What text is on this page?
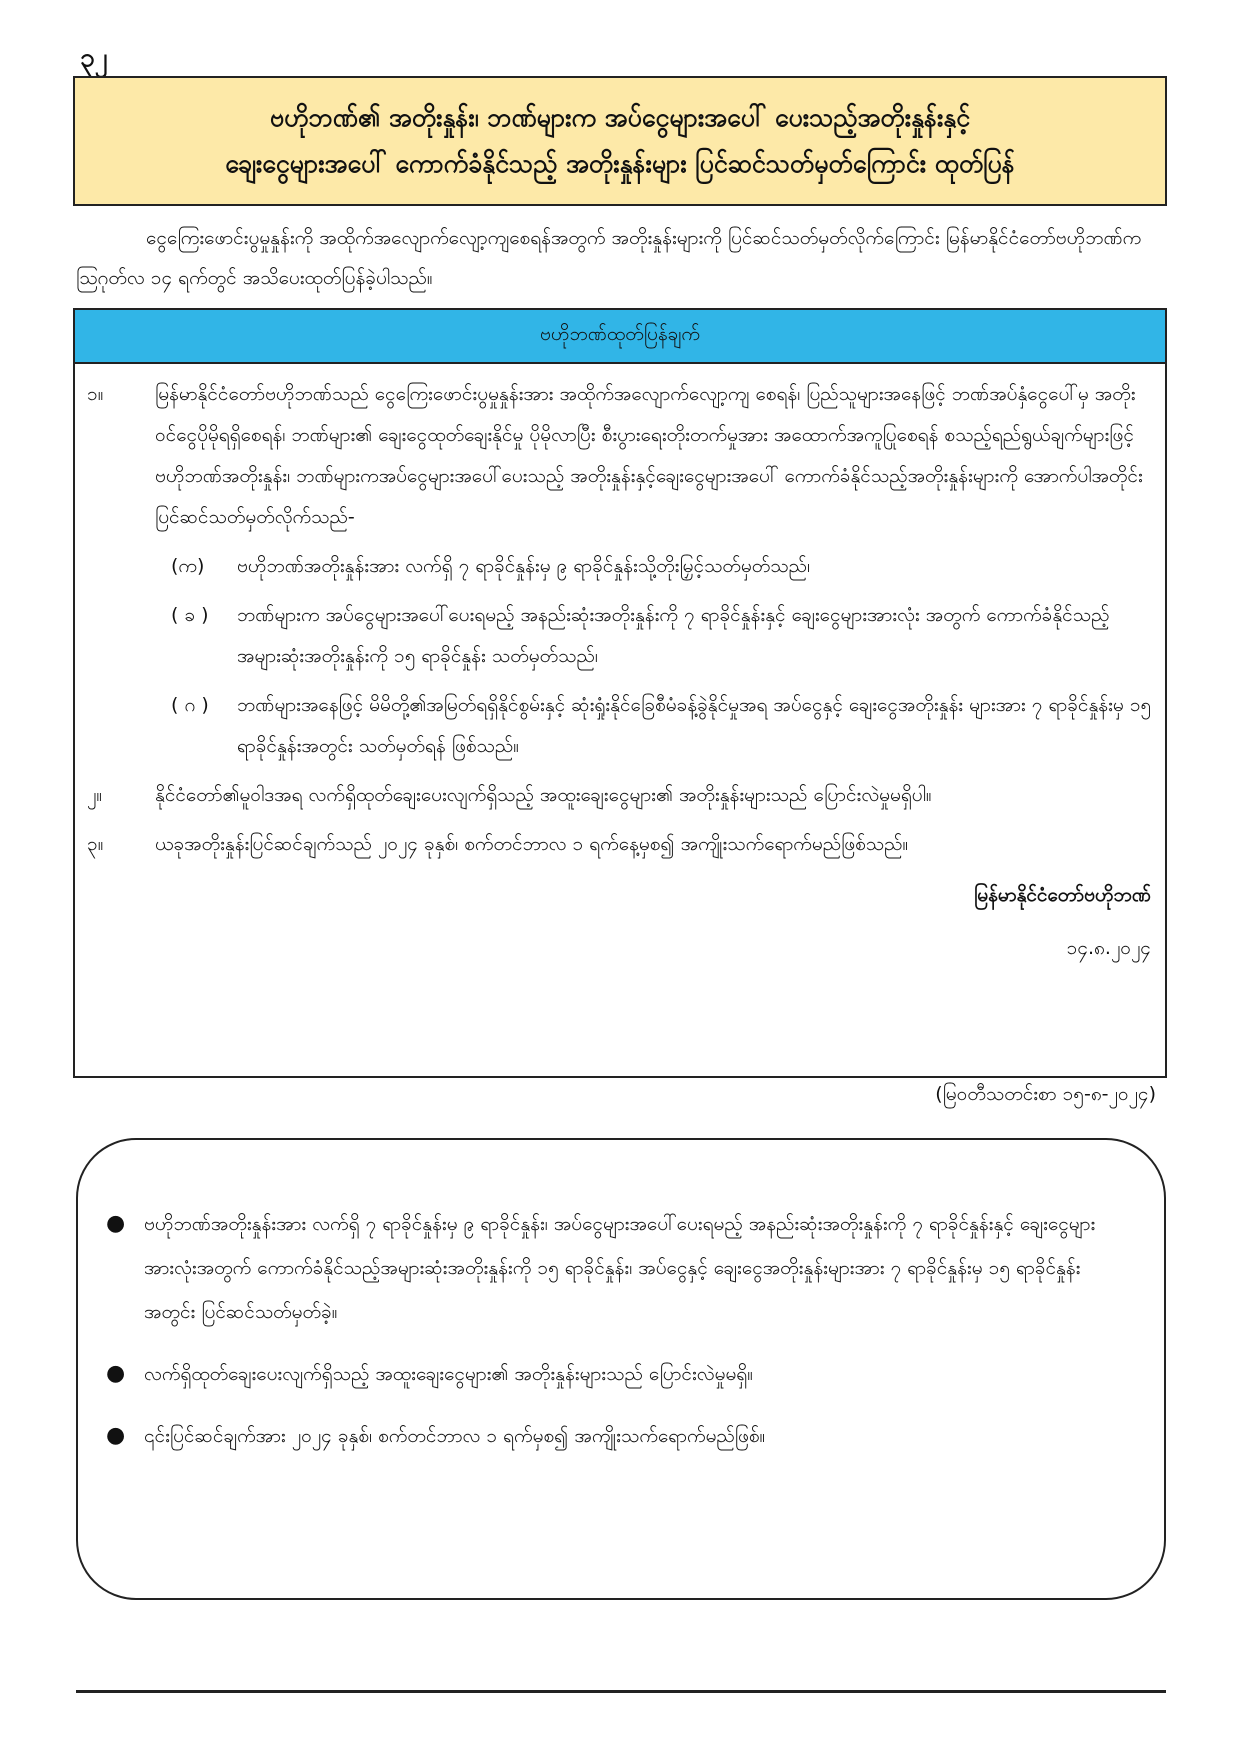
၃၂
ဗဟိုဘဏ်၏ အတိုးနှုန်း၊ ဘဏ်များက အပ်ငွေများအပေါ် ပေးသည့်အတိုးနှုန်းနှင့်
ချေးငွေများအပေါ် ကောက်ခံနိုင်သည့် အတိုးနှုန်းများ ပြင်ဆင်သတ်မှတ်ကြောင်း ထုတ်ပြန်
ငွေကြေးဖောင်းပွမှုနှုန်းကို အထိုက်အလျောက်လျော့ကျစေရန်အတွက် အတိုးနှုန်းများကို ပြင်ဆင်သတ်မှတ်လိုက်ကြောင်း မြန်မာနိုင်ငံတော်ဗဟိုဘဏ်က ဩဂုတ်လ ၁၄ ရက်တွင် အသိပေးထုတ်ပြန်ခဲ့ပါသည်။
ဗဟိုဘဏ်ထုတ်ပြန်ချက်
၁။	မြန်မာနိုင်ငံတော်ဗဟိုဘဏ်သည် ငွေကြေးဖောင်းပွမှုနှုန်းအား အထိုက်အလျောက်လျော့ကျ စေရန်၊ ပြည်သူများအနေဖြင့် ဘဏ်အပ်နှံငွေပေါ်မှ အတိုးဝင်ငွေပိုမိုရရှိစေရန်၊ ဘဏ်များ၏ ချေးငွေထုတ်ချေးနိုင်မှု ပိုမိုလာပြီး စီးပွားရေးတိုးတက်မှုအား အထောက်အကူပြုစေရန် စသည့်ရည်ရွယ်ချက်များဖြင့် ဗဟိုဘဏ်အတိုးနှုန်း၊ ဘဏ်များကအပ်ငွေများအပေါ်ပေးသည့် အတိုးနှုန်းနှင့်ချေးငွေများအပေါ် ကောက်ခံနိုင်သည့်အတိုးနှုန်းများကို အောက်ပါအတိုင်း ပြင်ဆင်သတ်မှတ်လိုက်သည်-
(က)	ဗဟိုဘဏ်အတိုးနှုန်းအား လက်ရှိ ၇ ရာခိုင်နှုန်းမှ ၉ ရာခိုင်နှုန်းသို့တိုးမြှင့်သတ်မှတ်သည်၊
( ခ )	ဘဏ်များက အပ်ငွေများအပေါ်ပေးရမည့် အနည်းဆုံးအတိုးနှုန်းကို ၇ ရာခိုင်နှုန်းနှင့် ချေးငွေများအားလုံး အတွက် ကောက်ခံနိုင်သည့်အများဆုံးအတိုးနှုန်းကို ၁၅ ရာခိုင်နှုန်း သတ်မှတ်သည်၊
( ဂ )	ဘဏ်များအနေဖြင့် မိမိတို့၏အမြတ်ရရှိနိုင်စွမ်းနှင့် ဆုံးရှုံးနိုင်ခြေစီမံခန့်ခွဲနိုင်မှုအရ အပ်ငွေနှင့် ချေးငွေအတိုးနှုန်း များအား ၇ ရာခိုင်နှုန်းမှ ၁၅ ရာခိုင်နှုန်းအတွင်း သတ်မှတ်ရန် ဖြစ်သည်။
၂။	နိုင်ငံတော်၏မူဝါဒအရ လက်ရှိထုတ်ချေးပေးလျက်ရှိသည့် အထူးချေးငွေများ၏ အတိုးနှုန်းများသည် ပြောင်းလဲမှုမရှိပါ။
၃။	ယခုအတိုးနှုန်းပြင်ဆင်ချက်သည် ၂၀၂၄ ခုနှစ်၊ စက်တင်ဘာလ ၁ ရက်နေ့မှစ၍ အကျိုးသက်ရောက်မည်ဖြစ်သည်။
မြန်မာနိုင်ငံတော်ဗဟိုဘဏ်
၁၄.၈.၂၀၂၄
(မြဝတီသတင်းစာ ၁၅-၈-၂၀၂၄)
● ဗဟိုဘဏ်အတိုးနှုန်းအား လက်ရှိ ၇ ရာခိုင်နှုန်းမှ ၉ ရာခိုင်နှုန်း၊ အပ်ငွေများအပေါ်ပေးရမည့် အနည်းဆုံးအတိုးနှုန်းကို ၇ ရာခိုင်နှုန်းနှင့် ချေးငွေများအားလုံးအတွက် ကောက်ခံနိုင်သည့်အများဆုံးအတိုးနှုန်းကို ၁၅ ရာခိုင်နှုန်း၊ အပ်ငွေနှင့် ချေးငွေအတိုးနှုန်းများအား ၇ ရာခိုင်နှုန်းမှ ၁၅ ရာခိုင်နှုန်းအတွင်း ပြင်ဆင်သတ်မှတ်ခဲ့။
● လက်ရှိထုတ်ချေးပေးလျက်ရှိသည့် အထူးချေးငွေများ၏ အတိုးနှုန်းများသည် ပြောင်းလဲမှုမရှိ။
● ၎င်းပြင်ဆင်ချက်အား ၂၀၂၄ ခုနှစ်၊ စက်တင်ဘာလ ၁ ရက်မှစ၍ အကျိုးသက်ရောက်မည်ဖြစ်။
